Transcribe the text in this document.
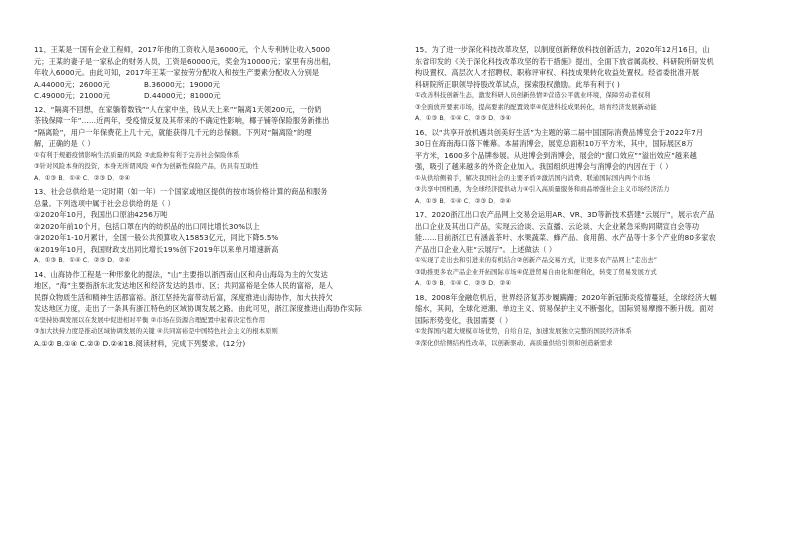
11、王某是一国有企业工程师，2017年他的工资收入是36000元，个人专利转让收入5000
元；王某的妻子是一家私企的财务人员，工资是60000元，奖金为10000元；家里有房出租，
年收入6000元。由此可知，2017年王某一家按劳分配收入和按生产要素分配收入分别是
A.44000元；26000元	B.36000元；19000元
C.49000元；21000元	D.44000元；81000元
12、“隔离不回想，在家躺着数钱”“人在家中坐，钱从天上来”“隔离1天领200元，一份奶
茶钱保障一年”……近两年，受疫情反复及其带来的不确定性影响，椰子铺等保险服务新推出
“隔离险”，用户一年保费花上几十元，就能获得几千元的总保额。下列对“隔离险”的理
解，正确的是（ ）
①有利于规避疫情影响生活质量的风险 ②此险种有利于完善社会保险体系
③针对风险本身的投资，本身无所谓风险 ④作为创新性保险产品，仍具有互助性
A．①③ B．①④ C．②③ D．②④
13、社会总供给是一定时期（如一年）一个国家或地区提供的按市场价格计算的商品和服务
总量。下列选项中属于社会总供给的是（ ）
①2020年10月，我国出口原油4256万吨
②2020年前10个月，包括口罩在内的纺织品的出口同比增长30%以上
③2020年1-10月累计，全国一般公共预算收入15853亿元，同比下降5.5%
④2019年10月，我国财政支出同比增长19%创下2019年以来单月增速新高
A．①③ B．①④ C．②③ D．②④
14、山海协作工程是一种形象化的提法，“山”主要指以浙西南山区和舟山海岛为主的欠发达
地区，“海”主要指浙东北发达地区和经济发达的县市、区；共同富裕是全体人民的富裕，是人
民群众物质生活和精神生活都富裕。浙江坚持先富带动后富，深度推进山海协作，加大扶持欠
发达地区力度，走出了一条具有浙江特色的区域协调发展之路。由此可见，浙江深度推进山海协作实际
①坚持协调发展以在发展中促进相对平衡 ②市场在资源合理配置中起着决定性作用
③加大扶持力度是推动区域协调发展的关键 ④共同富裕是中国特色社会主义的根本原则
A.①② B.①④ C.②③ D.②④18.阅读材料，完成下列要求。(12分)
15、为了进一步深化科技改革攻坚，以制度创新释放科技创新活力，2020年12月16日，山
东省印发的《关于深化科技改革攻坚的若干措施》提出，全面下放省属高校、科研院所研发机
构设置权、高层次人才招聘权、职称评审权、科技成果转化收益处置权。经省委批准开展
科研院所正职领导持股改革试点，探索股权激励。此举有利于( )
①改善科技创新生态，激发科研人员创新热情②营造公平就业环境，保障劳动者权利
③全面放开要素市场，提高要素的配置效率④促进科技成果转化，培育经济发展新动能
A．①③ B．①④ C．②③ D．③④
16、以“共享开放机遇共创美好生活”为主题的第二届中国国际消费品博览会于2022年7月
30日在海南海口落下帷幕。本届消博会，展览总面积10万平方米，其中，国际展区8万
平方米，1600多个品牌参展。从进博会到消博会，展会的“窗口效应”“溢出效应”越来越
强，吸引了越来越多的外资企业加入。我国组织进博会与消博会的内因在于（ ）
①从供给侧着手，解决我国社会的主要矛盾②激活国内消费，联通国际国内两个市场
③共享中国机遇，为全球经济提供动力④引入高质量服务和商品增强社会主义市场经济活力
A．①③ B．①④ C．②③ D．②④
17、2020浙江出口农产品网上交易会运用AR、VR、3D等新技术搭建“云展厅”，展示农产品
出口企业及其出口产品，实现云洽谈、云直播、云论谈、大企业紧急采购同期宣自会等功
能……目前浙江已有涵盖茶叶、水果蔬菜、蜂产品、食用菌、水产品等十多个产业的80多家农
产品出口企业入驻“云展厅”。上述做法（ ）
①实现了走出去和引进来的有机结合②创新产品交易方式，让更多农产品网上“走出去”
③助推更多农产品企业开拓国际市场④促进贸易自由化和便利化，转变了贸易发展方式
A．①③ B．①④ C．②③ D．②④
18、2008年金融危机后，世界经济复苏步履蹒跚；2020年新冠肺炎疫情蔓延，全球经济大幅
缩水，其间，全球化逆潮、单边主义、贸易保护主义不断强化，国际贸易摩擦不断升级。面对
国际形势变化，我国需要（ ）
①发挥国内超大规模市场优势，自给自足，加速发展独立完整的国民经济体系
②深化供给侧结构性改革，以创新驱动、高质量供给引领和创造新需求
